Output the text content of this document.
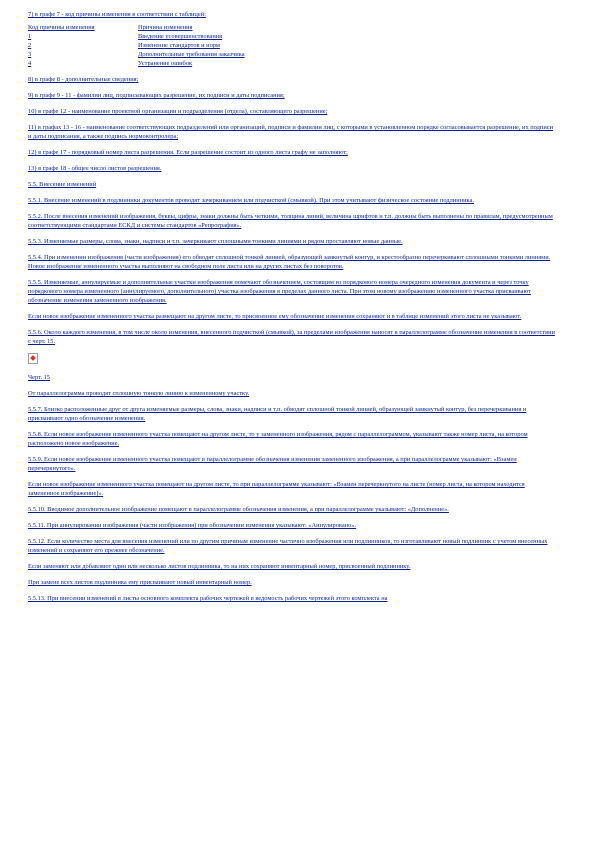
7) в графе 7 - код причины изменения в соответствии с таблицей:

Код причины изменения	Причина изменения
1	Введение усовершенствования
2	Изменение стандартов и норм
3	Дополнительные требования заказчика
4	Устранение ошибок

8) в графе 8 - дополнительные сведения;

9) в графе 9 - 11 - фамилии лиц, подписывающих разрешение, их подписи и даты подписания;

10) в графе 12 - наименование проектной организации и подразделения (отдела), составляющего разрешение;

11) в графах 13 - 16 - наименование соответствующих подразделений или организаций, подписи и фамилии лиц, с которыми в установленном порядке согласовывается разрешение, их подписи и даты подписания, а также подпись нормоконтролера;

12) в графе 17 - порядковый номер листа разрешения. Если разрешение состоит из одного листа графу не заполняют;

13) в графе 18 - общее число листов разрешения.

5.5. Внесение изменений

5.5.1. Внесение изменений в подлинники документов проводят зачеркиванием или подчисткой (смывкой). При этом учитывают физическое состояние подлинника.

5.5.2. После внесения изменений изображения, буквы, цифры, знаки должны быть четкими, толщина линий, величина шрифтов и т.п. должны быть выполнены по правилам, предусмотренным соответствующими стандартами ЕСКД и системы стандартов «Репрография».

5.5.3. Изменяемые размеры, слова, знаки, надписи и т.п. зачеркивают сплошными тонкими линиями и рядом проставляют новые данные.

5.5.4. При изменении изображения (части изображения) его обводят сплошной тонкой линией, образующей замкнутый контур, и крестообразно перечеркивают сплошными тонкими линиями. Новое изображение измененного участка выполняют на свободном поле листа или на других листах без поворотов.

5.5.5. Изменяемые, аннулируемые и дополнительные участки изображения помечают обозначением, состоящим из порядкового номера очередного изменения документа и через точку порядкового номера измененного (аннулируемого, дополнительного) участка изображения в пределах данного листа. При этом новому изображению измененного участка присваивают обозначение изменения замененного изображения.

Если новое изображение измененного участка размещают на другом листе, то присвоенное ему обозначение изменения сохраняют и в таблице изменений этого листа не указывают.

5.5.6. Около каждого изменения, в том числе около изменения, внесенного подчисткой (смывкой), за пределами изображения наносят в параллелограмме обозначение изменения в соответствии с черт. 15.

Черт. 15

От параллелограмма проводят сплошную тонкую линию к измененному участку.

5.5.7. Близко расположенные друг от друга изменяемые размеры, слова, знаки, надписи и т.п. обводят сплошной тонкой линией, образующей замкнутый контур, без перечеркивания и присваивают одно обозначение изменения.

5.5.8. Если новое изображение измененного участка помещают на другом листе, то у замененного изображения, рядом с параллелограммом, указывают также номер листа, на котором расположено новое изображение.

5.5.9. Если новое изображение измененного участка помещают в параллелограмме обозначения изменения замененного изображения, а при параллелограмме указывают: «Взамен перечеркнутого».

Если новое изображение измененного участка помещают на другом листе, то при параллелограмме указывают: «Взамен перечеркнутого на листе (номер листа, на котором находится замененное изображение)».

5.5.10. Вводимое дополнительное изображение помещают в параллелограмме обозначения изменения, а при параллелограмме указывают: «Дополнение».

5.5.11. При аннулировании изображения (части изображения) при обозначении изменения указывают: «Аннулировано».

5.5.12. Если количество места для внесения изменений или по другим причинам изменение частично изображения или подлинников, то изготавливают новый подлинник с учетом внесенных изменений и сохраняют его прежнее обозначение.

Если заменяют или добавляют один или несколько листов подлинника, то на них сохраняют инвентарный номер, присвоенный подлиннику.

При замене всех листов подлинника ему присваивают новый инвентарный номер.

5.5.13. При внесении изменений в листы основного комплекта рабочих чертежей в ведомость рабочих чертежей этого комплекта на
